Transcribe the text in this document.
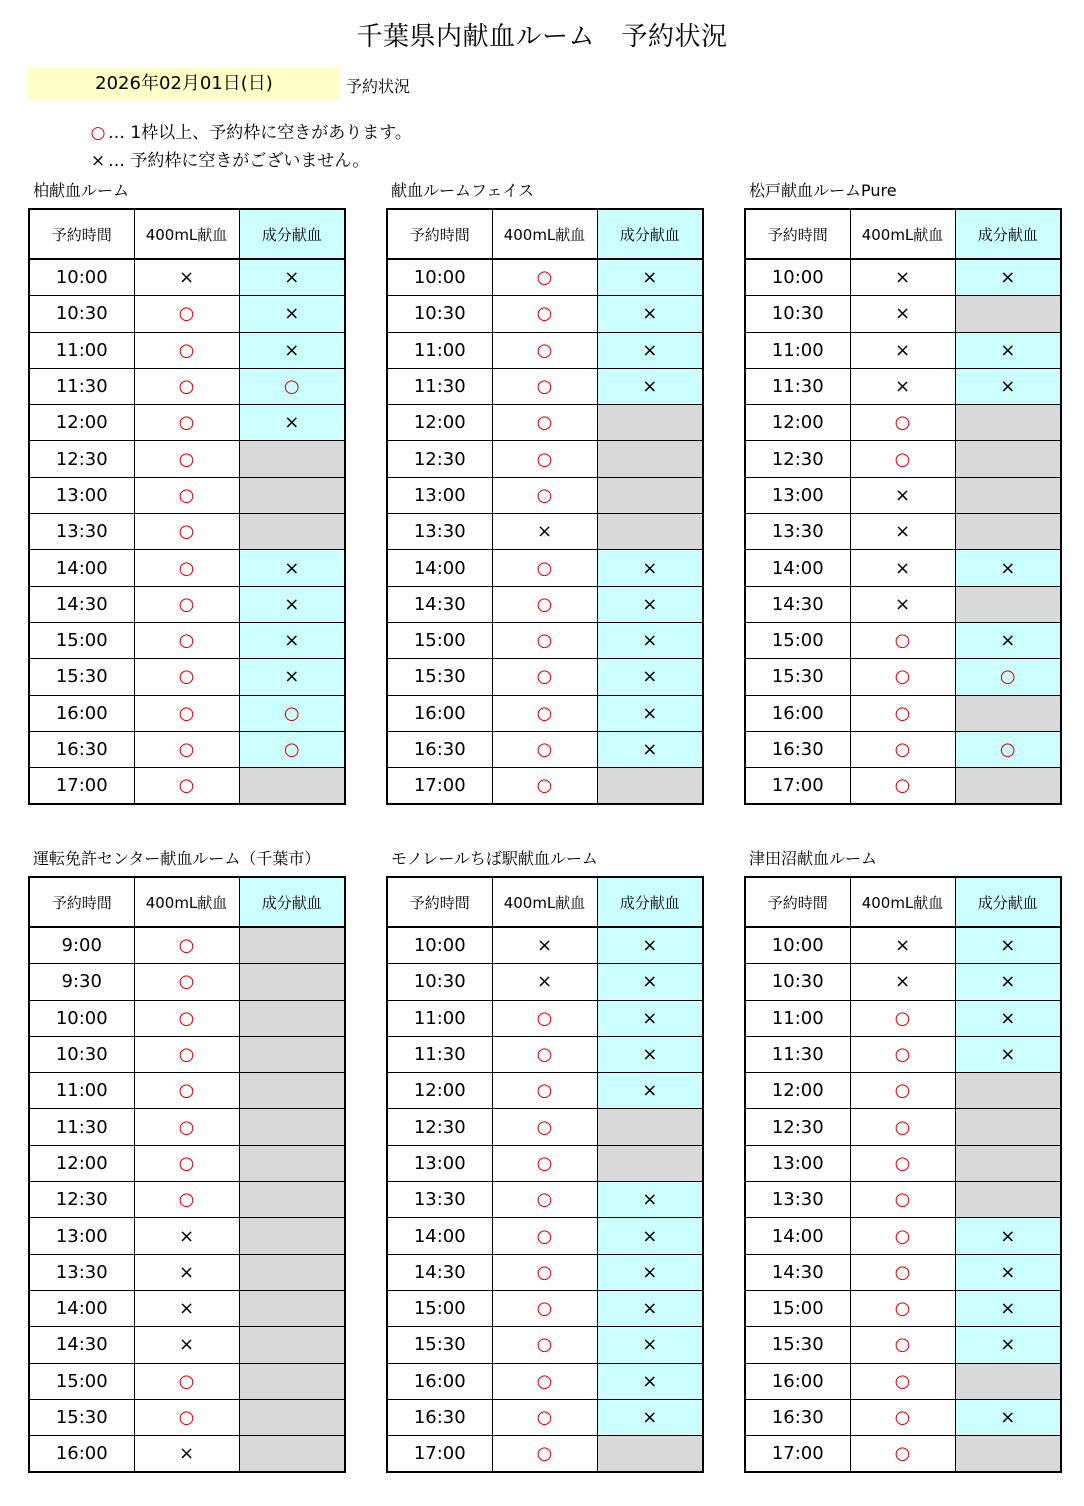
千葉県内献血ルーム　予約状況
2026年02月01日(日)	予約状況
○ … 1枠以上、予約枠に空きがあります。
× … 予約枠に空きがございません。
柏献血ルーム
予約時間	400mL献血	成分献血
10:00	×	×
10:30	○	×
11:00	○	×
11:30	○	○
12:00	○	×
12:30	○	
13:00	○	
13:30	○	
14:00	○	×
14:30	○	×
15:00	○	×
15:30	○	×
16:00	○	○
16:30	○	○
17:00	○	
献血ルームフェイス
予約時間	400mL献血	成分献血
10:00	○	×
10:30	○	×
11:00	○	×
11:30	○	×
12:00	○	
12:30	○	
13:00	○	
13:30	×	
14:00	○	×
14:30	○	×
15:00	○	×
15:30	○	×
16:00	○	×
16:30	○	×
17:00	○	
松戸献血ルームPure
予約時間	400mL献血	成分献血
10:00	×	×
10:30	×	
11:00	×	×
11:30	×	×
12:00	○	
12:30	○	
13:00	×	
13:30	×	
14:00	×	×
14:30	×	
15:00	○	×
15:30	○	○
16:00	○	
16:30	○	○
17:00	○	
運転免許センター献血ルーム（千葉市）
予約時間	400mL献血	成分献血
9:00	○	
9:30	○	
10:00	○	
10:30	○	
11:00	○	
11:30	○	
12:00	○	
12:30	○	
13:00	×	
13:30	×	
14:00	×	
14:30	×	
15:00	○	
15:30	○	
16:00	×	
モノレールちば駅献血ルーム
予約時間	400mL献血	成分献血
10:00	×	×
10:30	×	×
11:00	○	×
11:30	○	×
12:00	○	×
12:30	○	
13:00	○	
13:30	○	×
14:00	○	×
14:30	○	×
15:00	○	×
15:30	○	×
16:00	○	×
16:30	○	×
17:00	○	
津田沼献血ルーム
予約時間	400mL献血	成分献血
10:00	×	×
10:30	×	×
11:00	○	×
11:30	○	×
12:00	○	
12:30	○	
13:00	○	
13:30	○	
14:00	○	×
14:30	○	×
15:00	○	×
15:30	○	×
16:00	○	
16:30	○	×
17:00	○	
